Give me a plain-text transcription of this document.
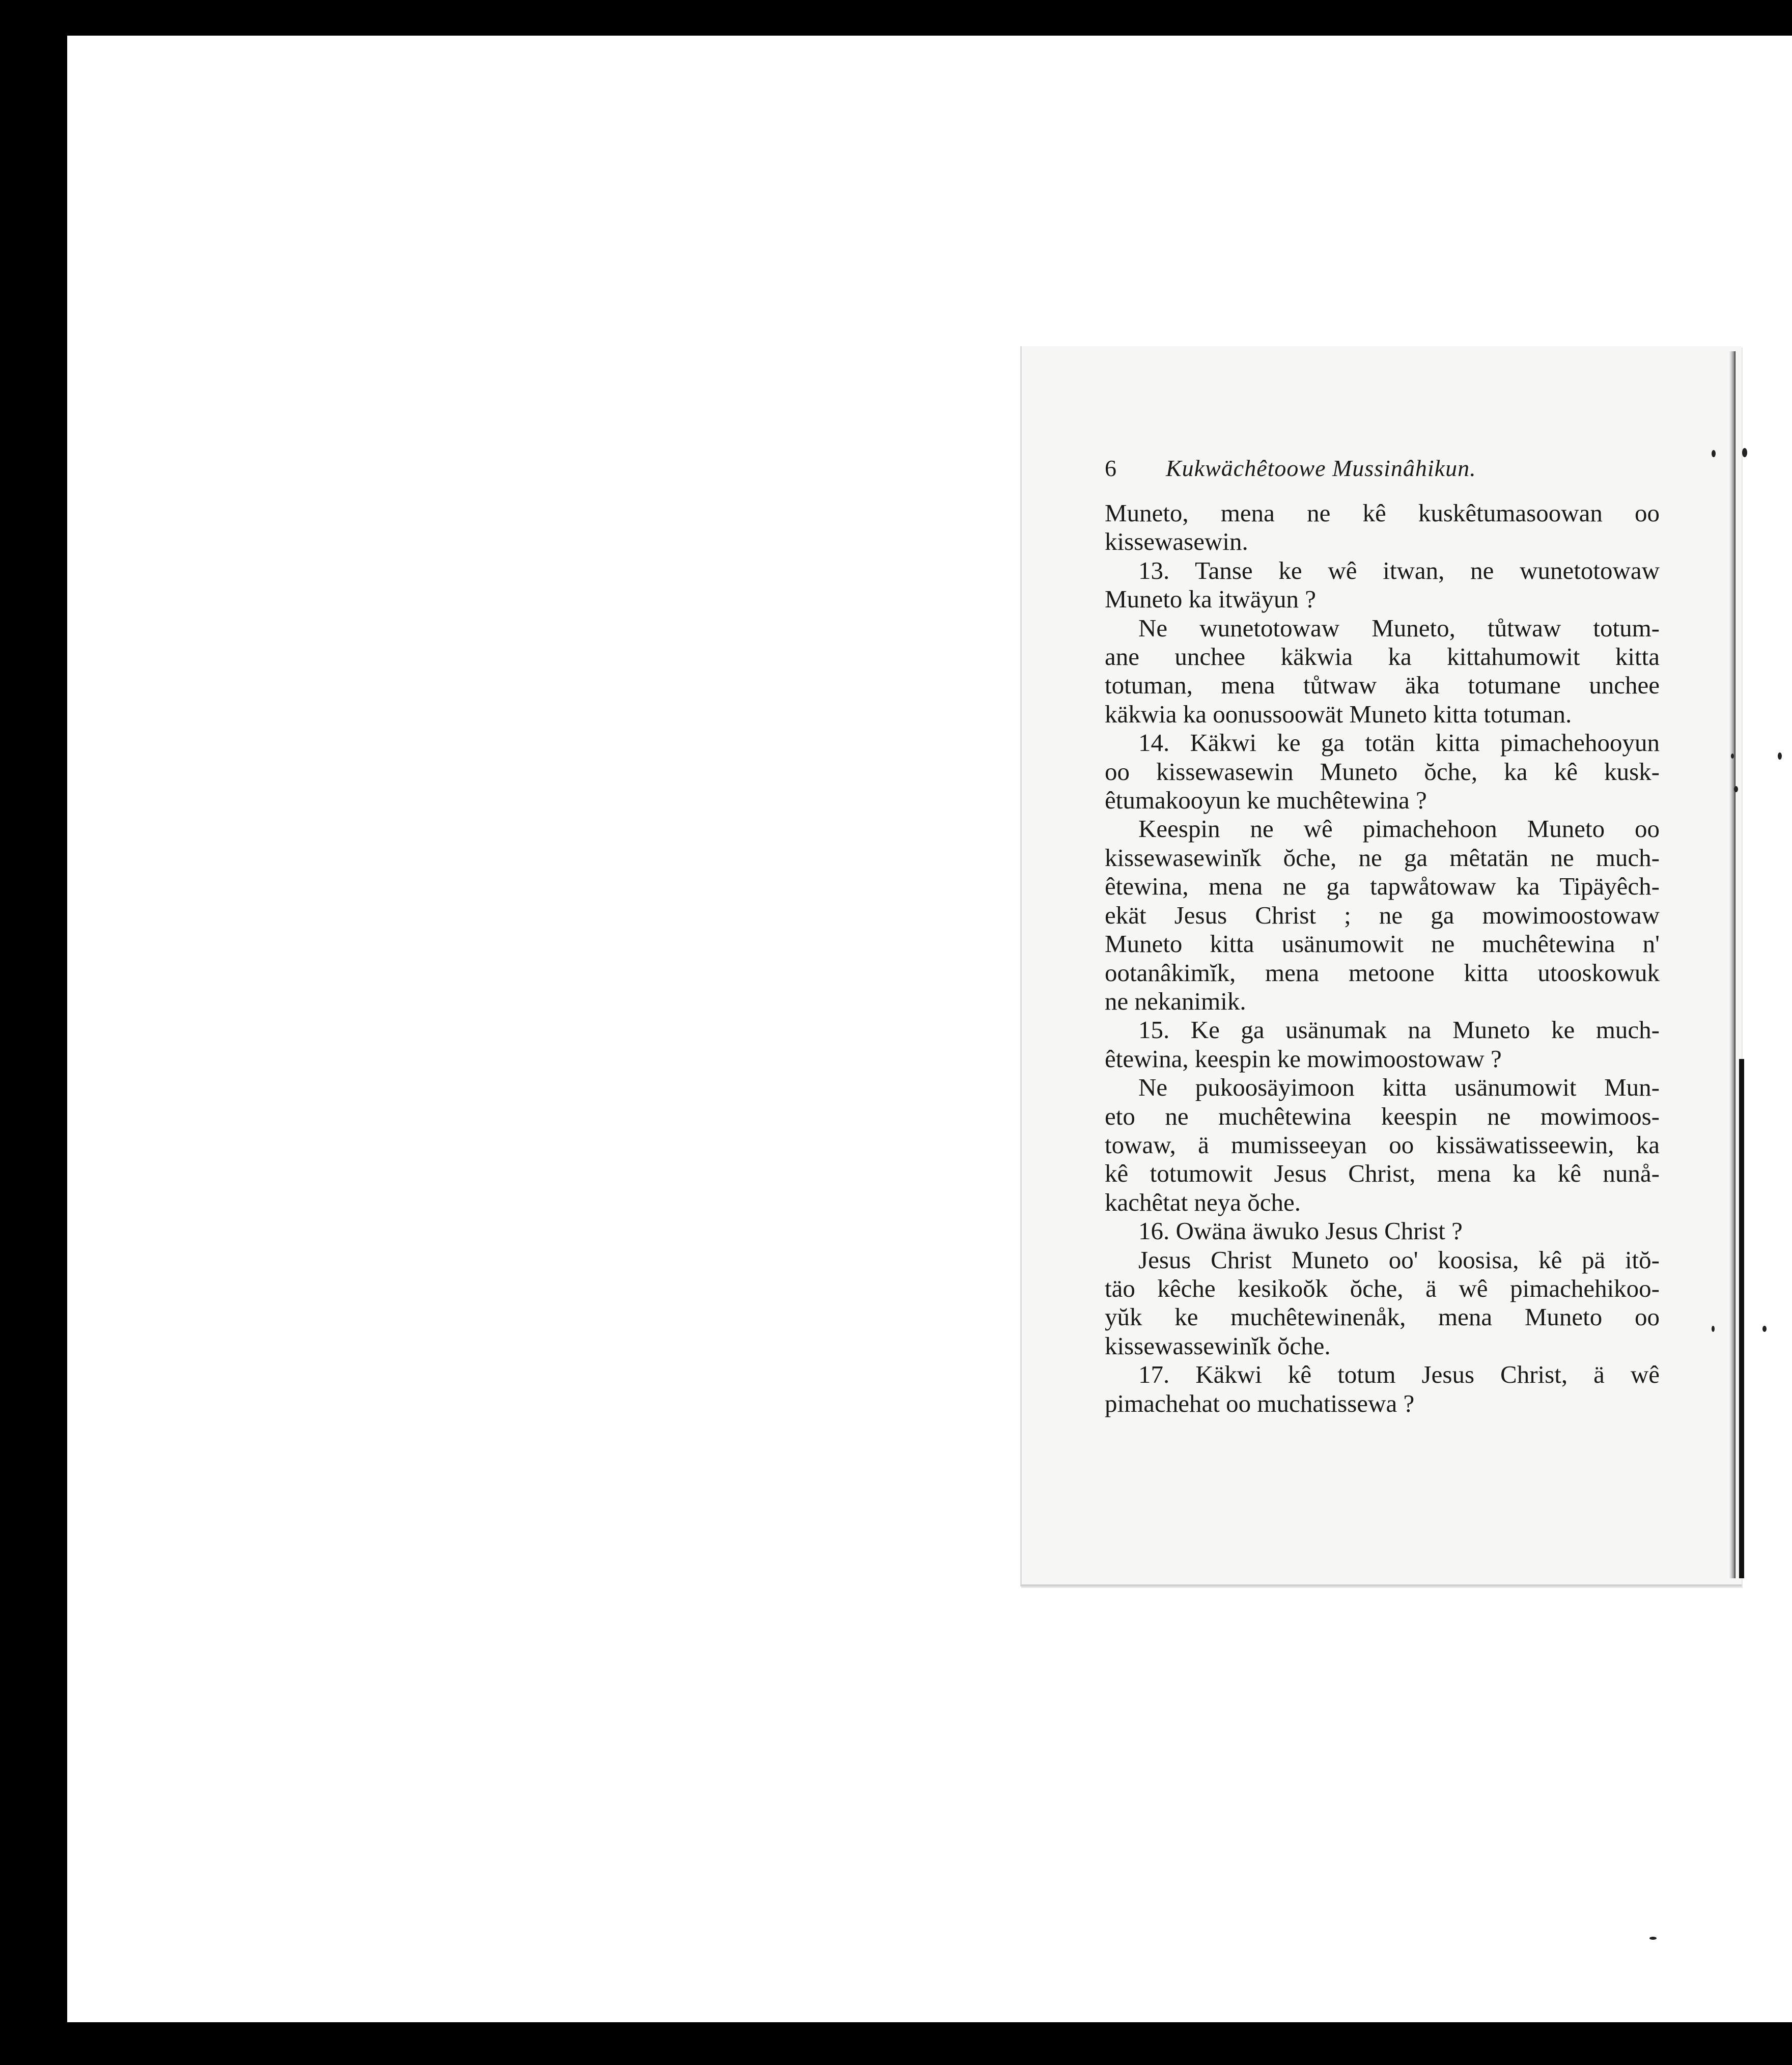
6	Kukwächêtoowe Mussinâhikun.
Muneto, mena ne kê kuskêtumasoowan oo
kissewasewin.
13. Tanse ke wê itwan, ne wunetotowaw
Muneto ka itwäyun ?
Ne wunetotowaw Muneto, tůtwaw totum-
ane unchee käkwia ka kittahumowit kitta
totuman, mena tůtwaw äka totumane unchee
käkwia ka oonussoowät Muneto kitta totuman.
14. Käkwi ke ga totän kitta pimachehooyun
oo kissewasewin Muneto ŏche, ka kê kusk-
êtumakooyun ke muchêtewina ?
Keespin ne wê pimachehoon Muneto oo
kissewasewinĭk ŏche, ne ga mêtatän ne much-
êtewina, mena ne ga tapwåtowaw ka Tipäyêch-
ekät Jesus Christ ; ne ga mowimoostowaw
Muneto kitta usänumowit ne muchêtewina n'
ootanâkimĭk, mena metoone kitta utooskowuk
ne nekanimik.
15. Ke ga usänumak na Muneto ke much-
êtewina, keespin ke mowimoostowaw ?
Ne pukoosäyimoon kitta usänumowit Mun-
eto ne muchêtewina keespin ne mowimoos-
towaw, ä mumisseeyan oo kissäwatisseewin, ka
kê totumowit Jesus Christ, mena ka kê nunå-
kachêtat neya ŏche.
16. Owäna äwuko Jesus Christ ?
Jesus Christ Muneto oo' koosisa, kê pä itŏ-
täo kêche kesikoŏk ŏche, ä wê pimachehikoo-
yŭk ke muchêtewinenåk, mena Muneto oo
kissewassewinĭk ŏche.
17. Käkwi kê totum Jesus Christ, ä wê
pimachehat oo muchatissewa ?
